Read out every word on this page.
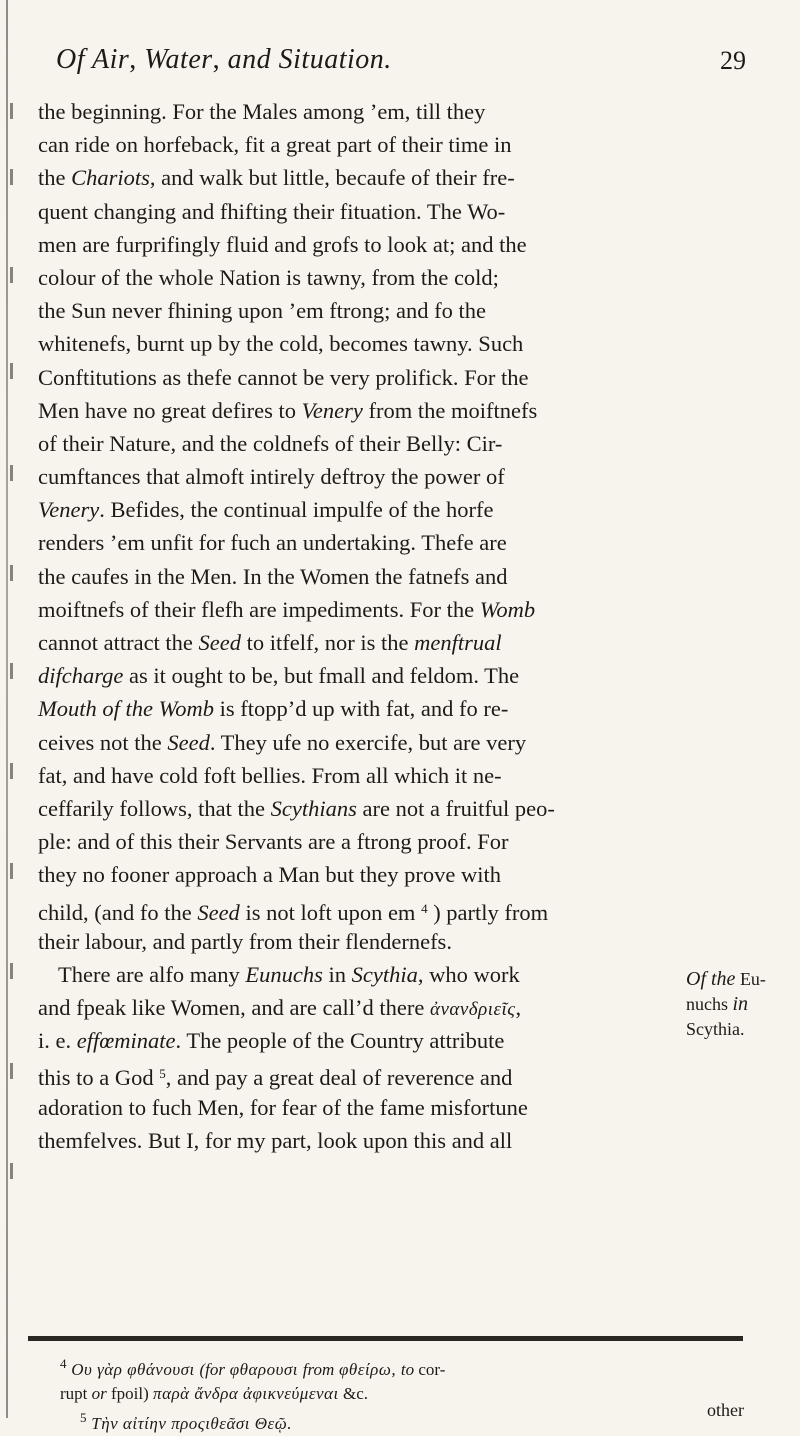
Of Air, Water, and Situation.	29
the beginning. For the Males among ’em, till they
can ride on horfeback, fit a great part of their time in
the Chariots, and walk but little, becaufe of their fre-
quent changing and fhifting their fituation. The Wo-
men are furprifingly fluid and grofs to look at; and the
colour of the whole Nation is tawny, from the cold;
the Sun never fhining upon ’em ftrong; and fo the
whitenefs, burnt up by the cold, becomes tawny. Such
Conftitutions as thefe cannot be very prolifick. For the
Men have no great defires to Venery from the moiftnefs
of their Nature, and the coldnefs of their Belly: Cir-
cumftances that almoft intirely deftroy the power of
Venery. Befides, the continual impulfe of the horfe
renders ’em unfit for fuch an undertaking. Thefe are
the caufes in the Men. In the Women the fatnefs and
moiftnefs of their flefh are impediments. For the Womb
cannot attract the Seed to itfelf, nor is the menftrual
difcharge as it ought to be, but fmall and feldom. The
Mouth of the Womb is ftopp’d up with fat, and fo re-
ceives not the Seed. They ufe no exercife, but are very
fat, and have cold foft bellies. From all which it ne-
ceffarily follows, that the Scythians are not a fruitful peo-
ple: and of this their Servants are a ftrong proof. For
they no fooner approach a Man but they prove with
child, (and fo the Seed is not loft upon em $^4$ ) partly from
their labour, and partly from their flendernefs.
There are alfo many Eunuchs in Scythia, who work
and fpeak like Women, and are call’d there ἀνανδριεῖς,
i. e. effœminate. The people of the Country attribute
this to a God $^5$, and pay a great deal of reverence and
adoration to fuch Men, for fear of the fame misfortune
themfelves. But I, for my part, look upon this and all
Of the Eu-
nuchs in
Scythia.
$^4$ Ου γὰρ φθάνουσι (for φθαρουσι from φθείρω, to cor-
rupt or fpoil) παρὰ ἄνδρα ἀφικνεύμεναι &c.
$^5$ Τὴν αἰτίην προςιθεᾶσι Θεῷ.
other
